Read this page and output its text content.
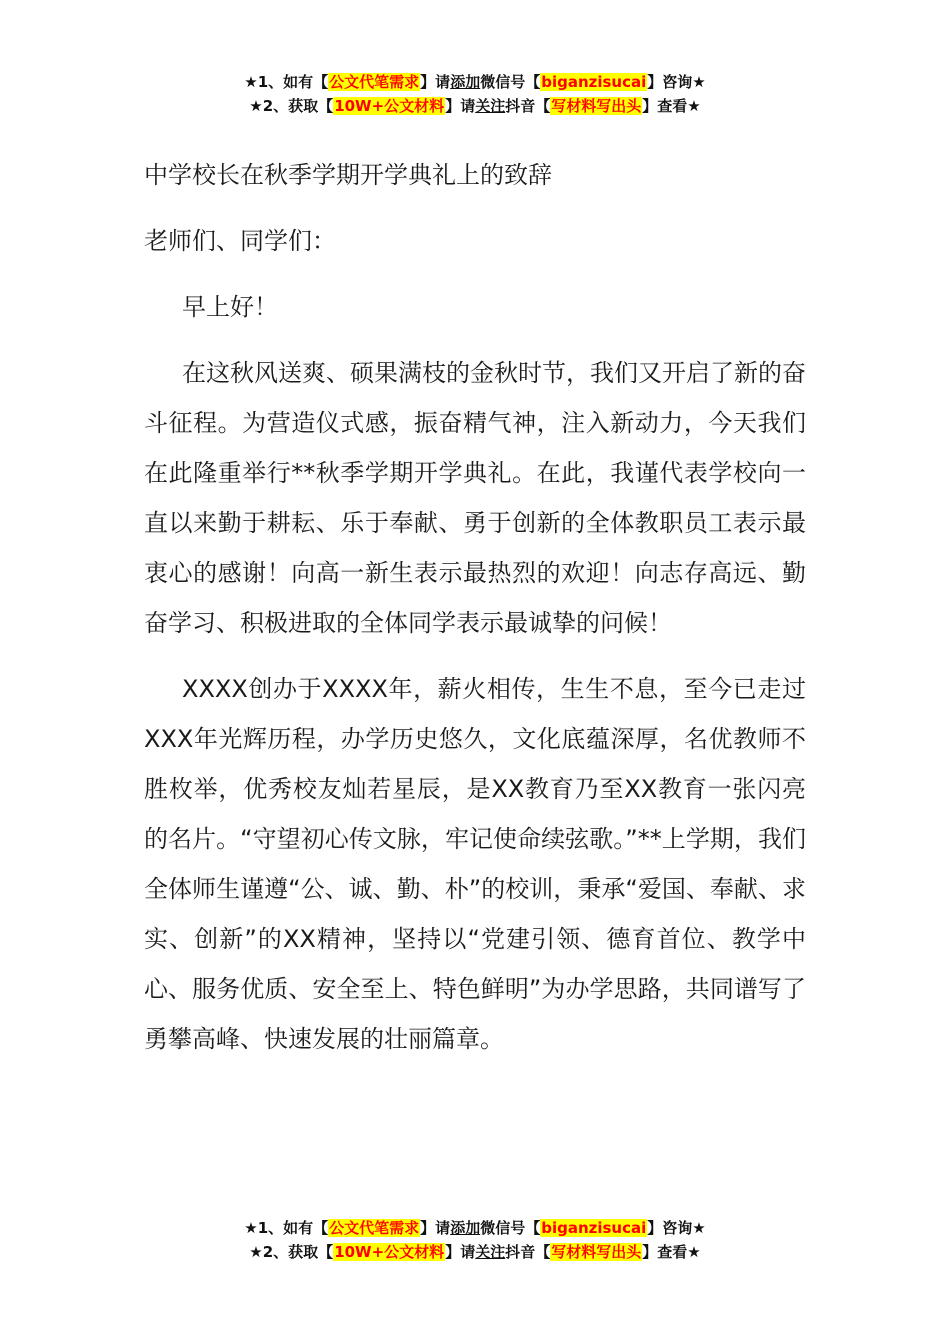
★1、如有【公文代笔需求】请添加微信号【biganzisucai】咨询★
★2、获取【10W+公文材料】请关注抖音【写材料写出头】查看★

中学校长在秋季学期开学典礼上的致辞

老师们、同学们：

早上好！

在这秋风送爽、硕果满枝的金秋时节，我们又开启了新的奋斗征程。为营造仪式感，振奋精气神，注入新动力，今天我们在此隆重举行**秋季学期开学典礼。在此，我谨代表学校向一直以来勤于耕耘、乐于奉献、勇于创新的全体教职员工表示最衷心的感谢！向高一新生表示最热烈的欢迎！向志存高远、勤奋学习、积极进取的全体同学表示最诚挚的问候！

XXXX创办于XXXX年，薪火相传，生生不息，至今已走过XXX年光辉历程，办学历史悠久，文化底蕴深厚，名优教师不胜枚举，优秀校友灿若星辰，是XX教育乃至XX教育一张闪亮的名片。“守望初心传文脉，牢记使命续弦歌。”**上学期，我们全体师生谨遵“公、诚、勤、朴”的校训，秉承“爱国、奉献、求实、创新”的XX精神，坚持以“党建引领、德育首位、教学中心、服务优质、安全至上、特色鲜明”为办学思路，共同谱写了勇攀高峰、快速发展的壮丽篇章。

★1、如有【公文代笔需求】请添加微信号【biganzisucai】咨询★
★2、获取【10W+公文材料】请关注抖音【写材料写出头】查看★
